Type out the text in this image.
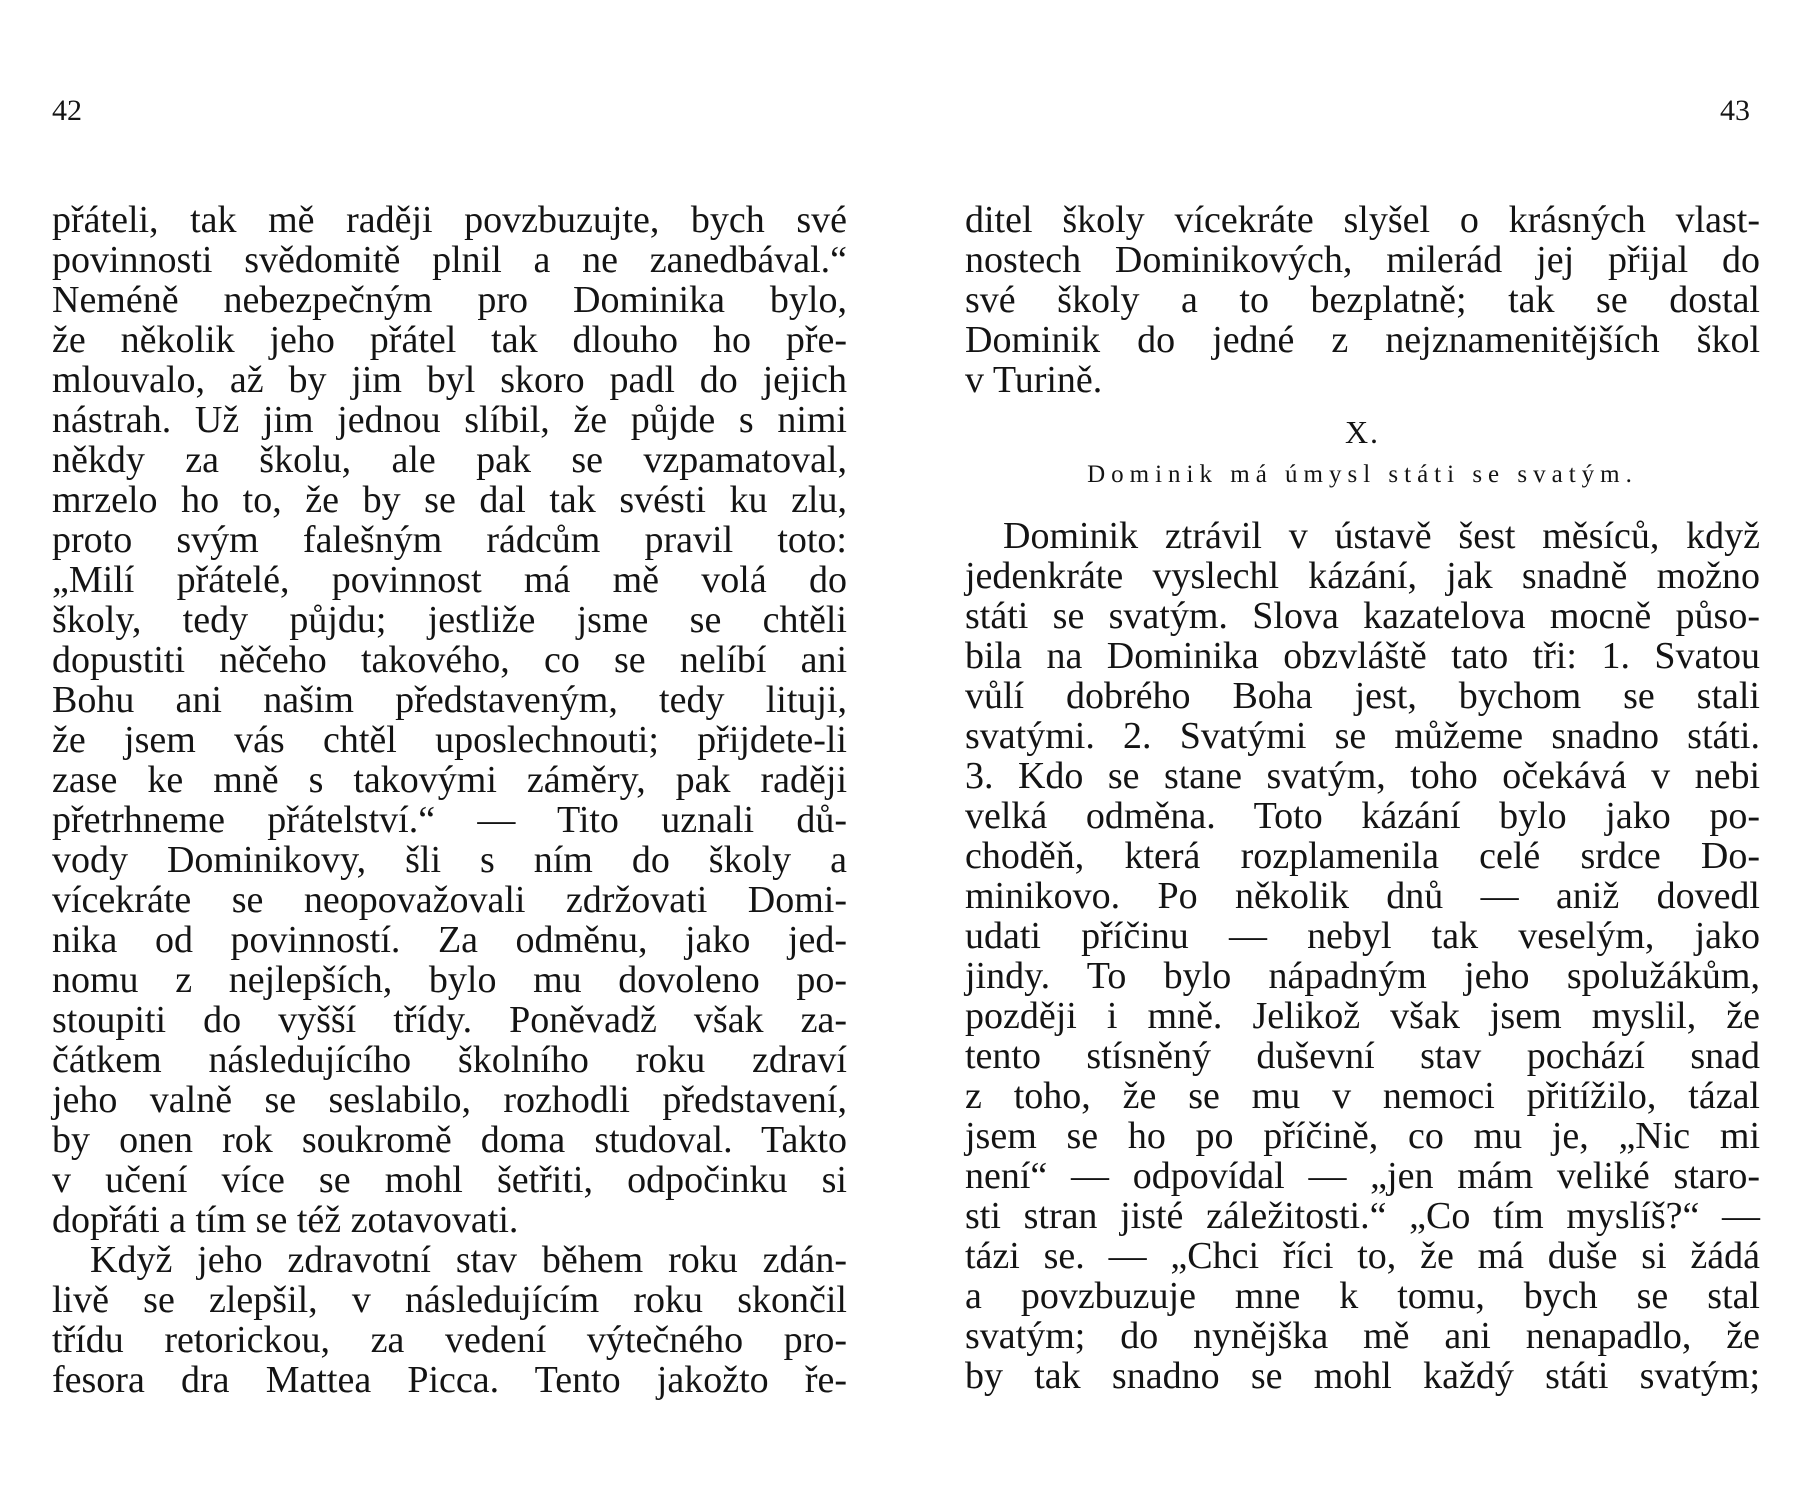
42
přáteli, tak mě raději povzbuzujte, bych své
povinnosti svědomitě plnil a ne zanedbával.“
Neméně nebezpečným pro Dominika bylo,
že několik jeho přátel tak dlouho ho pře-
mlouvalo, až by jim byl skoro padl do jejich
nástrah. Už jim jednou slíbil, že půjde s nimi
někdy za školu, ale pak se vzpamatoval,
mrzelo ho to, že by se dal tak svésti ku zlu,
proto svým falešným rádcům pravil toto:
„Milí přátelé, povinnost má mě volá do
školy, tedy půjdu; jestliže jsme se chtěli
dopustiti něčeho takového, co se nelíbí ani
Bohu ani našim představeným, tedy lituji,
že jsem vás chtěl uposlechnouti; přijdete-li
zase ke mně s takovými záměry, pak raději
přetrhneme přátelství.“ — Tito uznali dů-
vody Dominikovy, šli s ním do školy a
vícekráte se neopovažovali zdržovati Domi-
nika od povinností. Za odměnu, jako jed-
nomu z nejlepších, bylo mu dovoleno po-
stoupiti do vyšší třídy. Poněvadž však za-
čátkem následujícího školního roku zdraví
jeho valně se seslabilo, rozhodli představení,
by onen rok soukromě doma studoval. Takto
v učení více se mohl šetřiti, odpočinku si
dopřáti a tím se též zotavovati.
Když jeho zdravotní stav během roku zdán-
livě se zlepšil, v následujícím roku skončil
třídu retorickou, za vedení výtečného pro-
fesora dra Mattea Picca. Tento jakožto ře-
43
ditel školy vícekráte slyšel o krásných vlast-
nostech Dominikových, milerád jej přijal do
své školy a to bezplatně; tak se dostal
Dominik do jedné z nejznamenitějších škol
v Turině.
X.
Dominik má úmysl státi se svatým.
Dominik ztrávil v ústavě šest měsíců, když
jedenkráte vyslechl kázání, jak snadně možno
státi se svatým. Slova kazatelova mocně půso-
bila na Dominika obzvláště tato tři: 1. Svatou
vůlí dobrého Boha jest, bychom se stali
svatými. 2. Svatými se můžeme snadno státi.
3. Kdo se stane svatým, toho očekává v nebi
velká odměna. Toto kázání bylo jako po-
choděň, která rozplamenila celé srdce Do-
minikovo. Po několik dnů — aniž dovedl
udati příčinu — nebyl tak veselým, jako
jindy. To bylo nápadným jeho spolužákům,
později i mně. Jelikož však jsem myslil, že
tento stísněný duševní stav pochází snad
z toho, že se mu v nemoci přitížilo, tázal
jsem se ho po příčině, co mu je, „Nic mi
není“ — odpovídal — „jen mám veliké staro-
sti stran jisté záležitosti.“ „Co tím myslíš?“ —
tázi se. — „Chci říci to, že má duše si žádá
a povzbuzuje mne k tomu, bych se stal
svatým; do nynějška mě ani nenapadlo, že
by tak snadno se mohl každý státi svatým;
